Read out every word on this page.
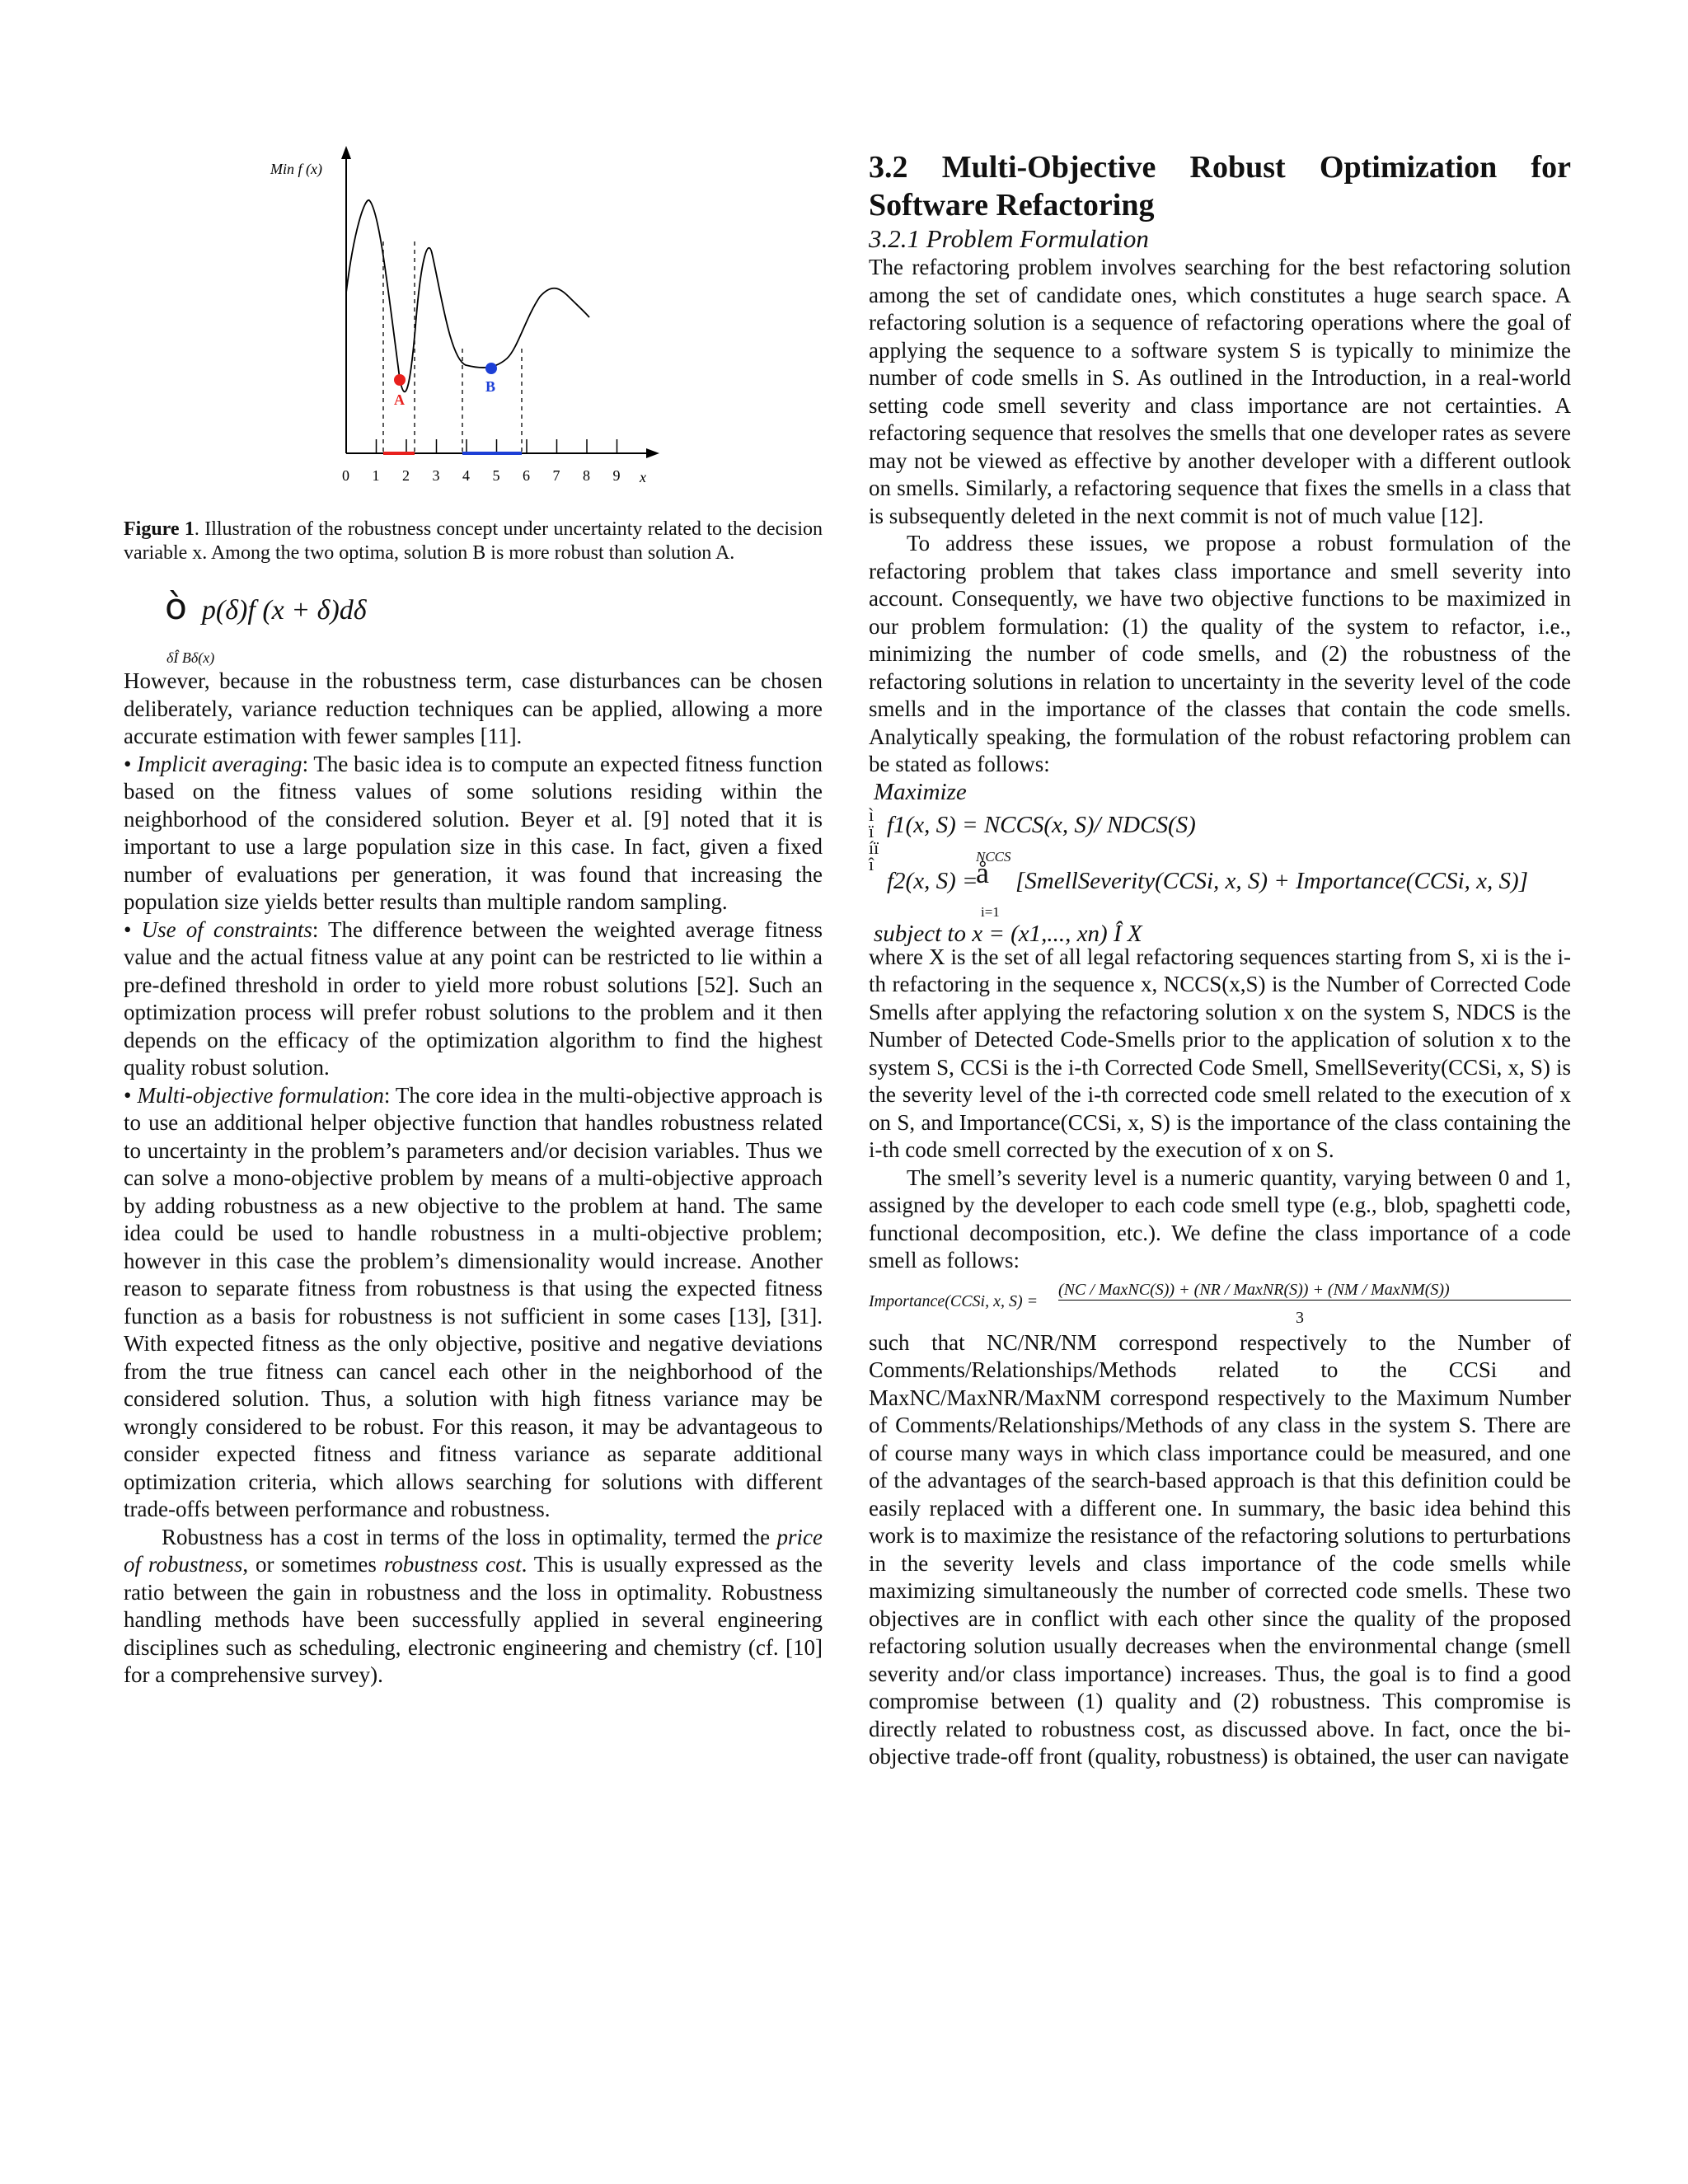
Min f (x)
x
0 1 2 3 4 5 6 7 8 9
A
B
Figure 1. Illustration of the robustness concept under uncertainty related to the decision variable x. Among the two optima, solution B is more robust than solution A.
ò p(δ)f (x + δ)dδ
δÎ Bδ(x)

However, because in the robustness term, case disturbances can be chosen deliberately, variance reduction techniques can be applied, allowing a more accurate estimation with fewer samples [11].

• Implicit averaging: The basic idea is to compute an expected fitness function based on the fitness values of some solutions residing within the neighborhood of the considered solution. Beyer et al. [9] noted that it is important to use a large population size in this case. In fact, given a fixed number of evaluations per generation, it was found that increasing the population size yields better results than multiple random sampling.

• Use of constraints: The difference between the weighted average fitness value and the actual fitness value at any point can be restricted to lie within a pre-defined threshold in order to yield more robust solutions [52]. Such an optimization process will prefer robust solutions to the problem and it then depends on the efficacy of the optimization algorithm to find the highest quality robust solution.

• Multi-objective formulation: The core idea in the multi-objective approach is to use an additional helper objective function that handles robustness related to uncertainty in the problem’s parameters and/or decision variables. Thus we can solve a mono-objective problem by means of a multi-objective approach by adding robustness as a new objective to the problem at hand. The same idea could be used to handle robustness in a multi-objective problem; however in this case the problem’s dimensionality would increase. Another reason to separate fitness from robustness is that using the expected fitness function as a basis for robustness is not sufficient in some cases [13], [31]. With expected fitness as the only objective, positive and negative deviations from the true fitness can cancel each other in the neighborhood of the considered solution. Thus, a solution with high fitness variance may be wrongly considered to be robust. For this reason, it may be advantageous to consider expected fitness and fitness variance as separate additional optimization criteria, which allows searching for solutions with different trade-offs between performance and robustness.

Robustness has a cost in terms of the loss in optimality, termed the price of robustness, or sometimes robustness cost. This is usually expressed as the ratio between the gain in robustness and the loss in optimality. Robustness handling methods have been successfully applied in several engineering disciplines such as scheduling, electronic engineering and chemistry (cf. [10] for a comprehensive survey).

3.2 Multi-Objective Robust Optimization for Software Refactoring
3.2.1 Problem Formulation

The refactoring problem involves searching for the best refactoring solution among the set of candidate ones, which constitutes a huge search space. A refactoring solution is a sequence of refactoring operations where the goal of applying the sequence to a software system S is typically to minimize the number of code smells in S. As outlined in the Introduction, in a real-world setting code smell severity and class importance are not certainties. A refactoring sequence that resolves the smells that one developer rates as severe may not be viewed as effective by another developer with a different outlook on smells. Similarly, a refactoring sequence that fixes the smells in a class that is subsequently deleted in the next commit is not of much value [12].

To address these issues, we propose a robust formulation of the refactoring problem that takes class importance and smell severity into account. Consequently, we have two objective functions to be maximized in our problem formulation: (1) the quality of the system to refactor, i.e., minimizing the number of code smells, and (2) the robustness of the refactoring solutions in relation to uncertainty in the severity level of the code smells and in the importance of the classes that contain the code smells. Analytically speaking, the formulation of the robust refactoring problem can be stated as follows:

Maximize
ì
ï
íï
î
f1(x, S) = NCCS(x, S)/ NDCS(S)
f2(x, S) =
å
NCCS
i=1
[SmellSeverity(CCSi, x, S) + Importance(CCSi, x, S)]
subject to x = (x1,..., xn) Î X

where X is the set of all legal refactoring sequences starting from S, xi is the i-th refactoring in the sequence x, NCCS(x,S) is the Number of Corrected Code Smells after applying the refactoring solution x on the system S, NDCS is the Number of Detected Code-Smells prior to the application of solution x to the system S, CCSi is the i-th Corrected Code Smell, SmellSeverity(CCSi, x, S) is the severity level of the i-th corrected code smell related to the execution of x on S, and Importance(CCSi, x, S) is the importance of the class containing the i-th code smell corrected by the execution of x on S.

The smell’s severity level is a numeric quantity, varying between 0 and 1, assigned by the developer to each code smell type (e.g., blob, spaghetti code, functional decomposition, etc.). We define the class importance of a code smell as follows:

Importance(CCSi, x, S) =
(NC / MaxNC(S)) + (NR / MaxNR(S)) + (NM / MaxNM(S))
3

such that NC/NR/NM correspond respectively to the Number of Comments/Relationships/Methods related to the CCSi and MaxNC/MaxNR/MaxNM correspond respectively to the Maximum Number of Comments/Relationships/Methods of any class in the system S. There are of course many ways in which class importance could be measured, and one of the advantages of the search-based approach is that this definition could be easily replaced with a different one. In summary, the basic idea behind this work is to maximize the resistance of the refactoring solutions to perturbations in the severity levels and class importance of the code smells while maximizing simultaneously the number of corrected code smells. These two objectives are in conflict with each other since the quality of the proposed refactoring solution usually decreases when the environmental change (smell severity and/or class importance) increases. Thus, the goal is to find a good compromise between (1) quality and (2) robustness. This compromise is directly related to robustness cost, as discussed above. In fact, once the bi-objective trade-off front (quality, robustness) is obtained, the user can navigate
